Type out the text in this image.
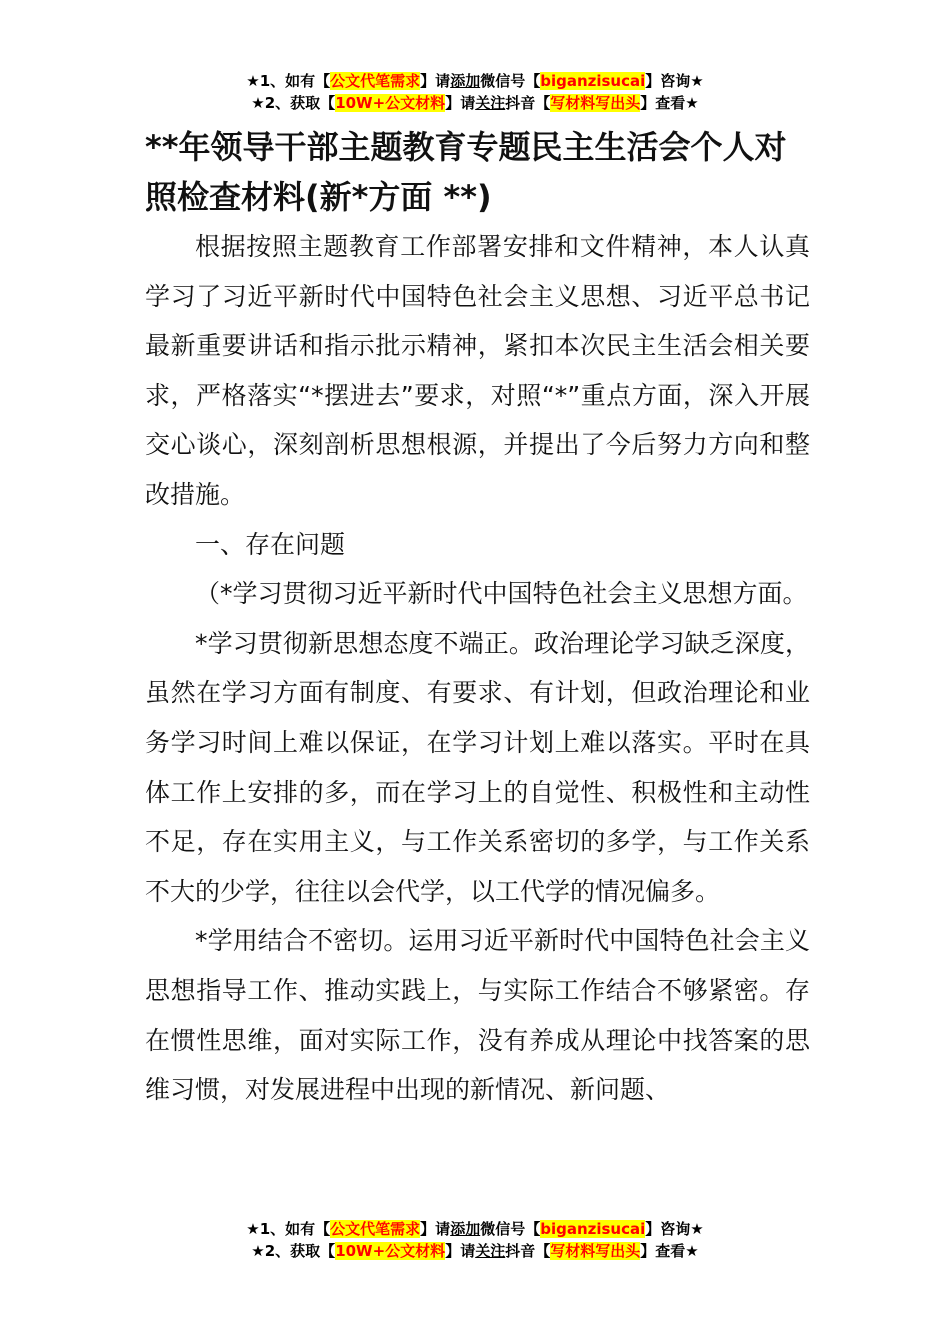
★1、如有【公文代笔需求】请添加微信号【biganzisucai】咨询★
★2、获取【10W+公文材料】请关注抖音【写材料写出头】查看★
**年领导干部主题教育专题民主生活会个人对照检查材料(新*方面 **)

根据按照主题教育工作部署安排和文件精神，本人认真学习了习近平新时代中国特色社会主义思想、习近平总书记最新重要讲话和指示批示精神，紧扣本次民主生活会相关要求，严格落实“*摆进去”要求，对照“*”重点方面，深入开展交心谈心，深刻剖析思想根源，并提出了今后努力方向和整改措施。

一、存在问题

（*学习贯彻习近平新时代中国特色社会主义思想方面。

*学习贯彻新思想态度不端正。政治理论学习缺乏深度，虽然在学习方面有制度、有要求、有计划，但政治理论和业务学习时间上难以保证，在学习计划上难以落实。平时在具体工作上安排的多，而在学习上的自觉性、积极性和主动性不足，存在实用主义，与工作关系密切的多学，与工作关系不大的少学，往往以会代学，以工代学的情况偏多。

*学用结合不密切。运用习近平新时代中国特色社会主义思想指导工作、推动实践上，与实际工作结合不够紧密。存在惯性思维，面对实际工作，没有养成从理论中找答案的思维习惯，对发展进程中出现的新情况、新问题、

★1、如有【公文代笔需求】请添加微信号【biganzisucai】咨询★
★2、获取【10W+公文材料】请关注抖音【写材料写出头】查看★
